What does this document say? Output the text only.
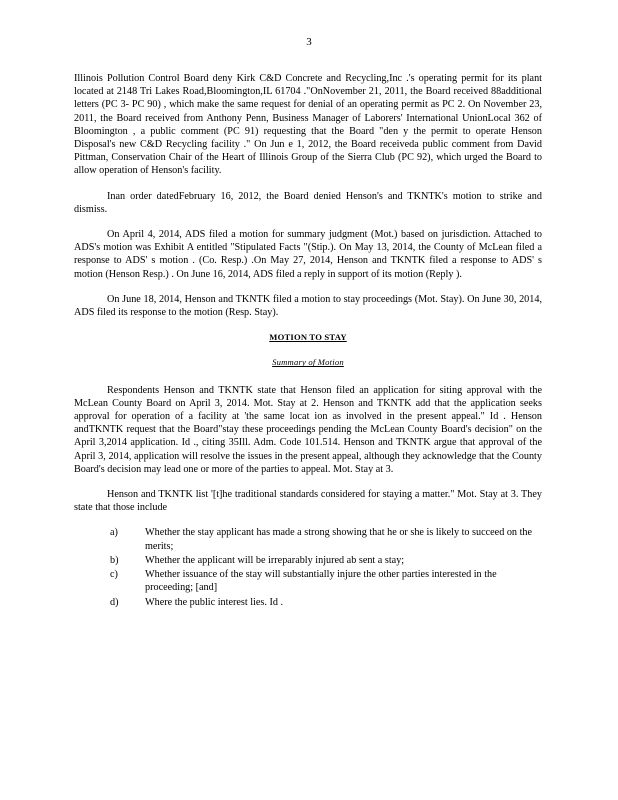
3

Illinois Pollution Control Board deny Kirk C&D Concrete and Recycling,Inc .'s operating permit for its plant located at 2148 Tri Lakes Road,Bloomington,IL 61704 ."OnNovember 21, 2011, the Board received 88additional letters (PC 3- PC 90) , which make the same request for denial of an operating permit as PC 2. On November 23, 2011, the Board received from Anthony Penn, Business Manager of Laborers' International UnionLocal 362 of Bloomington , a public comment (PC 91) requesting that the Board "den y the permit to operate Henson Disposal's new C&D Recycling facility ." On Jun e 1, 2012, the Board receiveda public comment from David Pittman, Conservation Chair of the Heart of Illinois Group of the Sierra Club (PC 92), which urged the Board to allow operation of Henson's facility.

Inan order datedFebruary 16, 2012, the Board denied Henson's and TKNTK's motion to strike and dismiss.

On April 4, 2014, ADS filed a motion for summary judgment (Mot.) based on jurisdiction. Attached to ADS's motion was Exhibit A entitled "Stipulated Facts "(Stip.). On May 13, 2014, the County of McLean filed a response to ADS' s motion . (Co. Resp.) .On May 27, 2014, Henson and TKNTK filed a response to ADS' s motion (Henson Resp.) . On June 16, 2014, ADS filed a reply in support of its motion (Reply ).

On June 18, 2014, Henson and TKNTK filed a motion to stay proceedings (Mot. Stay). On June 30, 2014, ADS filed its response to the motion (Resp. Stay).

MOTION TO STAY
Summary of Motion

Respondents Henson and TKNTK state that Henson filed an application for siting approval with the McLean County Board on April 3, 2014. Mot. Stay at 2. Henson and TKNTK add that the application seeks approval for operation of a facility at 'the same locat ion as involved in the present appeal." Id . Henson andTKNTK request that the Board"stay these proceedings pending the McLean County Board's decision" on the April 3,2014 application. Id ., citing 35Ill. Adm. Code 101.514. Henson and TKNTK argue that approval of the April 3, 2014, application will resolve the issues in the present appeal, although they acknowledge that the County Board's decision may lead one or more of the parties to appeal. Mot. Stay at 3.

Henson and TKNTK list '[t]he traditional standards considered for staying a matter." Mot. Stay at 3. They state that those include

a)	Whether the stay applicant has made a strong showing that he or she is likely to succeed on the merits;
b)	Whether the applicant will be irreparably injured ab sent a stay;
c)	Whether issuance of the stay will substantially injure the other parties interested in the proceeding; [and]
d)	Where the public interest lies. Id .
